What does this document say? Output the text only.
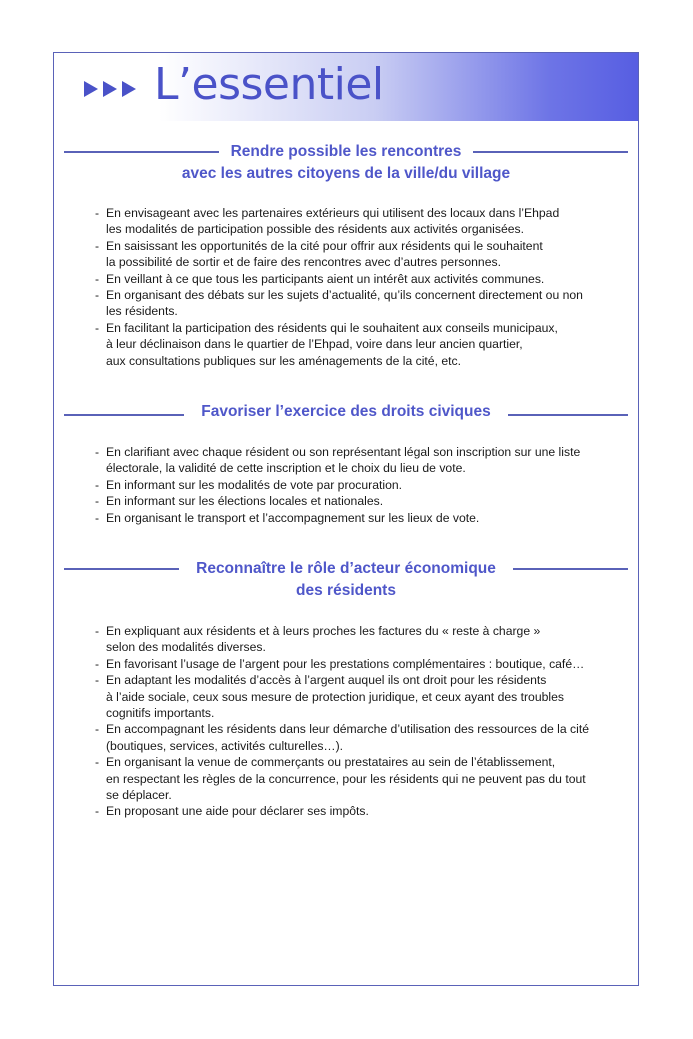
L’essentiel
Rendre possible les rencontres
avec les autres citoyens de la ville/du village
- En envisageant avec les partenaires extérieurs qui utilisent des locaux dans l’Ehpad
les modalités de participation possible des résidents aux activités organisées.
- En saisissant les opportunités de la cité pour offrir aux résidents qui le souhaitent
la possibilité de sortir et de faire des rencontres avec d’autres personnes.
- En veillant à ce que tous les participants aient un intérêt aux activités communes.
- En organisant des débats sur les sujets d’actualité, qu’ils concernent directement ou non
les résidents.
- En facilitant la participation des résidents qui le souhaitent aux conseils municipaux,
à leur déclinaison dans le quartier de l’Ehpad, voire dans leur ancien quartier,
aux consultations publiques sur les aménagements de la cité, etc.
Favoriser l’exercice des droits civiques
- En clarifiant avec chaque résident ou son représentant légal son inscription sur une liste
électorale, la validité de cette inscription et le choix du lieu de vote.
- En informant sur les modalités de vote par procuration.
- En informant sur les élections locales et nationales.
- En organisant le transport et l’accompagnement sur les lieux de vote.
Reconnaître le rôle d’acteur économique
des résidents
- En expliquant aux résidents et à leurs proches les factures du « reste à charge »
selon des modalités diverses.
- En favorisant l’usage de l’argent pour les prestations complémentaires : boutique, café…
- En adaptant les modalités d’accès à l’argent auquel ils ont droit pour les résidents
à l’aide sociale, ceux sous mesure de protection juridique, et ceux ayant des troubles
cognitifs importants.
- En accompagnant les résidents dans leur démarche d’utilisation des ressources de la cité
(boutiques, services, activités culturelles…).
- En organisant la venue de commerçants ou prestataires au sein de l’établissement,
en respectant les règles de la concurrence, pour les résidents qui ne peuvent pas du tout
se déplacer.
- En proposant une aide pour déclarer ses impôts.
